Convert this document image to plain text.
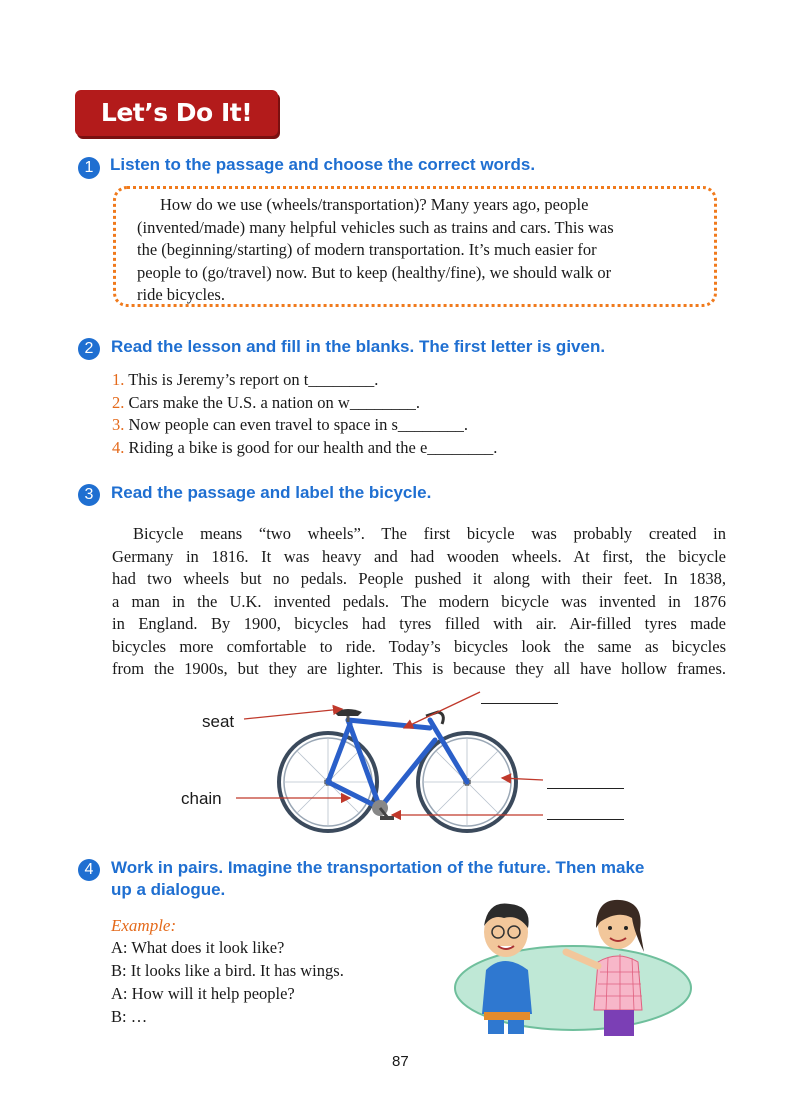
Let’s Do It!
1 Listen to the passage and choose the correct words.
How do we use (wheels/transportation)? Many years ago, people
(invented/made) many helpful vehicles such as trains and cars. This was
the (beginning/starting) of modern transportation. It’s much easier for
people to (go/travel) now. But to keep (healthy/fine), we should walk or
ride bicycles.
2	Read the lesson and fill in the blanks. The first letter is given.
1. This is Jeremy’s report on t________.
2. Cars make the U.S. a nation on w________.
3. Now people can even travel to space in s________.
4. Riding a bike is good for our health and the e________.
3	Read the passage and label the bicycle.
Bicycle means “two wheels”. The first bicycle was probably created in
Germany in 1816. It was heavy and had wooden wheels. At first, the bicycle
had two wheels but no pedals. People pushed it along with their feet. In 1838,
a man in the U.K. invented pedals. The modern bicycle was invented in 1876
in England. By 1900, bicycles had tyres filled with air. Air-filled tyres made
bicycles more comfortable to ride. Today’s bicycles look the same as bicycles
from the 1900s, but they are lighter. This is because they all have hollow frames.
seat
chain
4	Work in pairs. Imagine the transportation of the future. Then make
up a dialogue.
Example:
A: What does it look like?
B: It looks like a bird. It has wings.
A: How will it help people?
B: …
87
